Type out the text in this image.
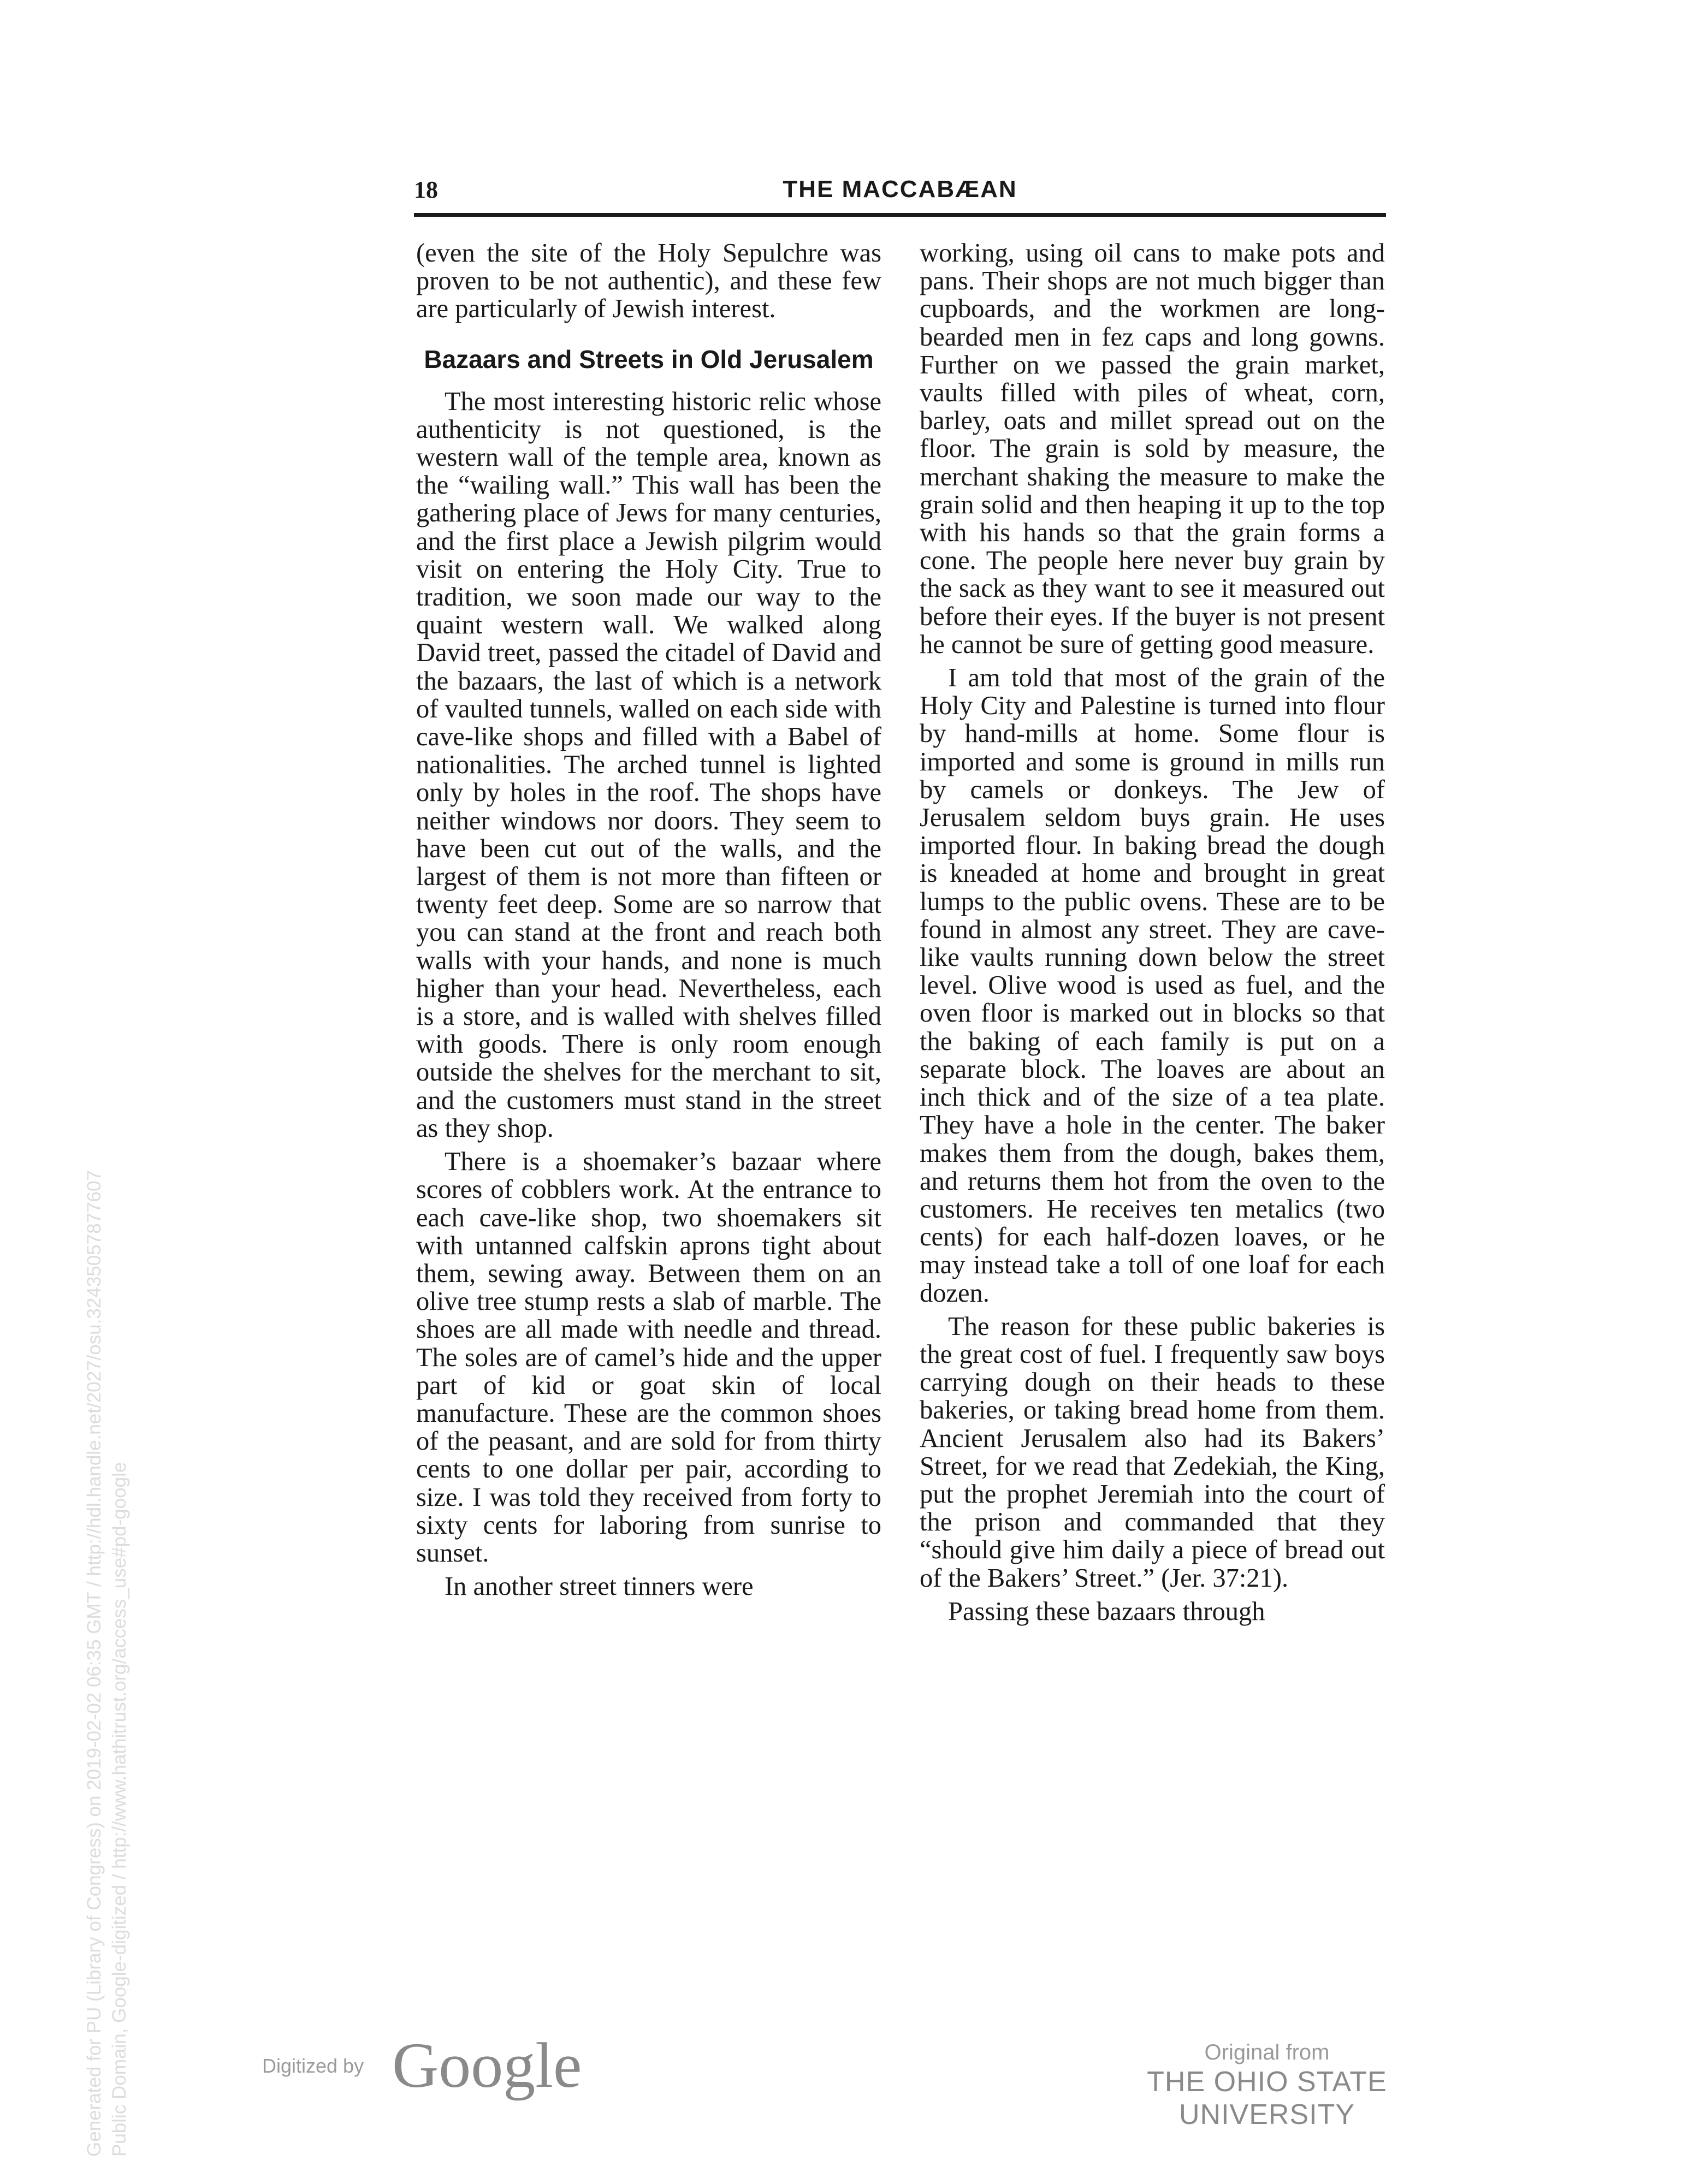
18	THE MACCABÆAN

(even the site of the Holy Sepulchre was proven to be not authentic), and these few are particularly of Jewish interest.

Bazaars and Streets in Old Jerusalem

The most interesting historic relic whose authenticity is not questioned, is the western wall of the temple area, known as the “wailing wall.” This wall has been the gathering place of Jews for many centuries, and the first place a Jewish pilgrim would visit on entering the Holy City. True to tradition, we soon made our way to the quaint western wall. We walked along David treet, passed the citadel of David and the bazaars, the last of which is a network of vaulted tunnels, walled on each side with cave-like shops and filled with a Babel of nationalities. The arched tunnel is lighted only by holes in the roof. The shops have neither windows nor doors. They seem to have been cut out of the walls, and the largest of them is not more than fifteen or twenty feet deep. Some are so narrow that you can stand at the front and reach both walls with your hands, and none is much higher than your head. Nevertheless, each is a store, and is walled with shelves filled with goods. There is only room enough outside the shelves for the merchant to sit, and the customers must stand in the street as they shop.

There is a shoemaker’s bazaar where scores of cobblers work. At the entrance to each cave-like shop, two shoemakers sit with untanned calfskin aprons tight about them, sewing away. Between them on an olive tree stump rests a slab of marble. The shoes are all made with needle and thread. The soles are of camel’s hide and the upper part of kid or goat skin of local manufacture. These are the common shoes of the peasant, and are sold for from thirty cents to one dollar per pair, according to size. I was told they received from forty to sixty cents for laboring from sunrise to sunset.

In another street tinners were

working, using oil cans to make pots and pans. Their shops are not much bigger than cupboards, and the workmen are long-bearded men in fez caps and long gowns. Further on we passed the grain market, vaults filled with piles of wheat, corn, barley, oats and millet spread out on the floor. The grain is sold by measure, the merchant shaking the measure to make the grain solid and then heaping it up to the top with his hands so that the grain forms a cone. The people here never buy grain by the sack as they want to see it measured out before their eyes. If the buyer is not present he cannot be sure of getting good measure.

I am told that most of the grain of the Holy City and Palestine is turned into flour by hand-mills at home. Some flour is imported and some is ground in mills run by camels or donkeys. The Jew of Jerusalem seldom buys grain. He uses imported flour. In baking bread the dough is kneaded at home and brought in great lumps to the public ovens. These are to be found in almost any street. They are cave-like vaults running down below the street level. Olive wood is used as fuel, and the oven floor is marked out in blocks so that the baking of each family is put on a separate block. The loaves are about an inch thick and of the size of a tea plate. They have a hole in the center. The baker makes them from the dough, bakes them, and returns them hot from the oven to the customers. He receives ten metalics (two cents) for each half-dozen loaves, or he may instead take a toll of one loaf for each dozen.

The reason for these public bakeries is the great cost of fuel. I frequently saw boys carrying dough on their heads to these bakeries, or taking bread home from them. Ancient Jerusalem also had its Bakers’ Street, for we read that Zedekiah, the King, put the prophet Jeremiah into the court of the prison and commanded that they “should give him daily a piece of bread out of the Bakers’ Street.” (Jer. 37:21).

Passing these bazaars through

Digitized by Google	Original from
THE OHIO STATE UNIVERSITY
Generated for PU (Library of Congress) on 2019-02-02 06:35 GMT / http://hdl.handle.net/2027/osu.32435057877607 Public Domain, Google-digitized / http://www.hathitrust.org/access_use#pd-google
